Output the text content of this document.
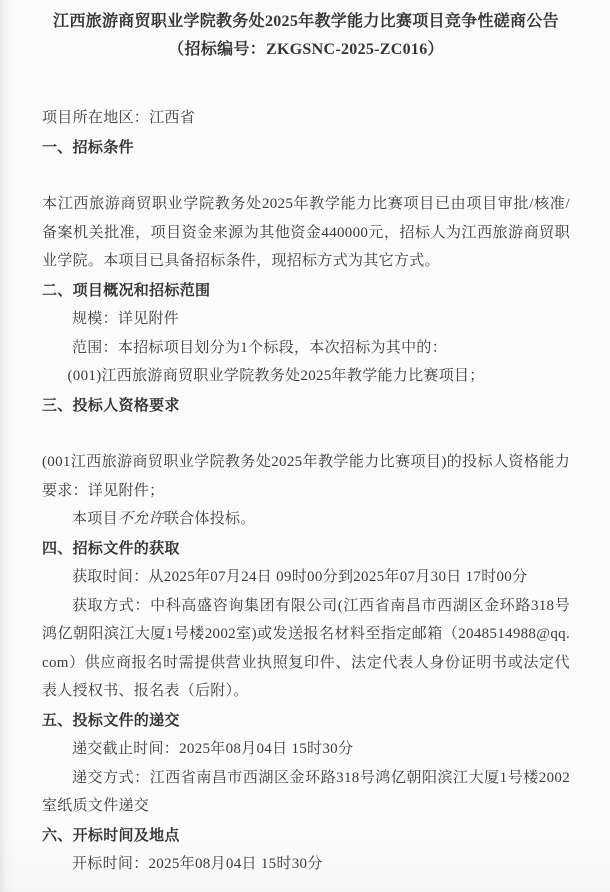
江西旅游商贸职业学院教务处2025年教学能力比赛项目竞争性磋商公告
（招标编号：ZKGSNC-2025-ZC016）
项目所在地区：江西省
一、招标条件
本江西旅游商贸职业学院教务处2025年教学能力比赛项目已由项目审批/核准/备案机关批准，项目资金来源为其他资金440000元，招标人为江西旅游商贸职业学院。本项目已具备招标条件，现招标方式为其它方式。
二、项目概况和招标范围
规模：详见附件
范围：本招标项目划分为1个标段，本次招标为其中的：
(001)江西旅游商贸职业学院教务处2025年教学能力比赛项目；
三、投标人资格要求
(001江西旅游商贸职业学院教务处2025年教学能力比赛项目)的投标人资格能力要求：详见附件；
本项目不允许联合体投标。
四、招标文件的获取
获取时间：从2025年07月24日 09时00分到2025年07月30日 17时00分
获取方式：中科高盛咨询集团有限公司(江西省南昌市西湖区金环路318号鸿亿朝阳滨江大厦1号楼2002室)或发送报名材料至指定邮箱（2048514988@qq.com）供应商报名时需提供营业执照复印件、法定代表人身份证明书或法定代表人授权书、报名表（后附）。
五、投标文件的递交
递交截止时间：2025年08月04日 15时30分
递交方式：江西省南昌市西湖区金环路318号鸿亿朝阳滨江大厦1号楼2002室纸质文件递交
六、开标时间及地点
开标时间：2025年08月04日 15时30分
